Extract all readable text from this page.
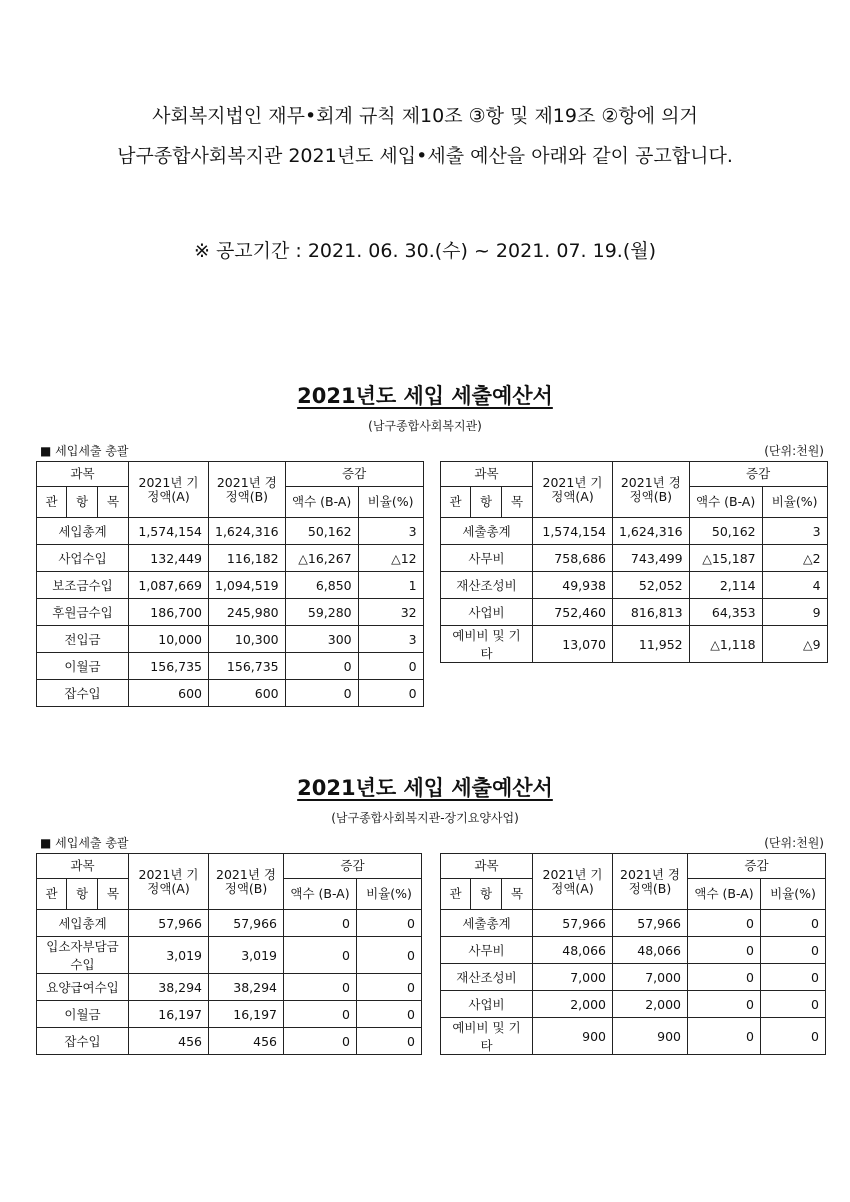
사회복지법인 재무•회계 규칙 제10조 ③항 및 제19조 ②항에 의거
남구종합사회복지관 2021년도 세입•세출 예산을 아래와 같이 공고합니다.
※ 공고기간 : 2021. 06. 30.(수) ~ 2021. 07. 19.(월)
2021년도 세입 세출예산서
(남구종합사회복지관)
■ 세입세출 총괄	(단위:천원)
과목			2021년 기정액(A)	2021년 경정액(B)	증감	
관	항	목			액수 (B-A)	비율(%)
세입총계			1,574,154	1,624,316	50,162	3
사업수입			132,449	116,182	△16,267	△12
보조금수입			1,087,669	1,094,519	6,850	1
후원금수입			186,700	245,980	59,280	32
전입금			10,000	10,300	300	3
이월금			156,735	156,735	0	0
잡수입			600	600	0	0
과목			2021년 기정액(A)	2021년 경정액(B)	증감	
관	항	목			액수 (B-A)	비율(%)
세출총계			1,574,154	1,624,316	50,162	3
사무비			758,686	743,499	△15,187	△2
재산조성비			49,938	52,052	2,114	4
사업비			752,460	816,813	64,353	9
예비비 및 기타			13,070	11,952	△1,118	△9
2021년도 세입 세출예산서
(남구종합사회복지관-장기요양사업)
■ 세입세출 총괄	(단위:천원)
과목			2021년 기정액(A)	2021년 경정액(B)	증감	
관	항	목			액수 (B-A)	비율(%)
세입총계			57,966	57,966	0	0
입소자부담금 수입			3,019	3,019	0	0
요양급여수입			38,294	38,294	0	0
이월금			16,197	16,197	0	0
잡수입			456	456	0	0
과목			2021년 기정액(A)	2021년 경정액(B)	증감	
관	항	목			액수 (B-A)	비율(%)
세출총계			57,966	57,966	0	0
사무비			48,066	48,066	0	0
재산조성비			7,000	7,000	0	0
사업비			2,000	2,000	0	0
예비비 및 기타			900	900	0	0
